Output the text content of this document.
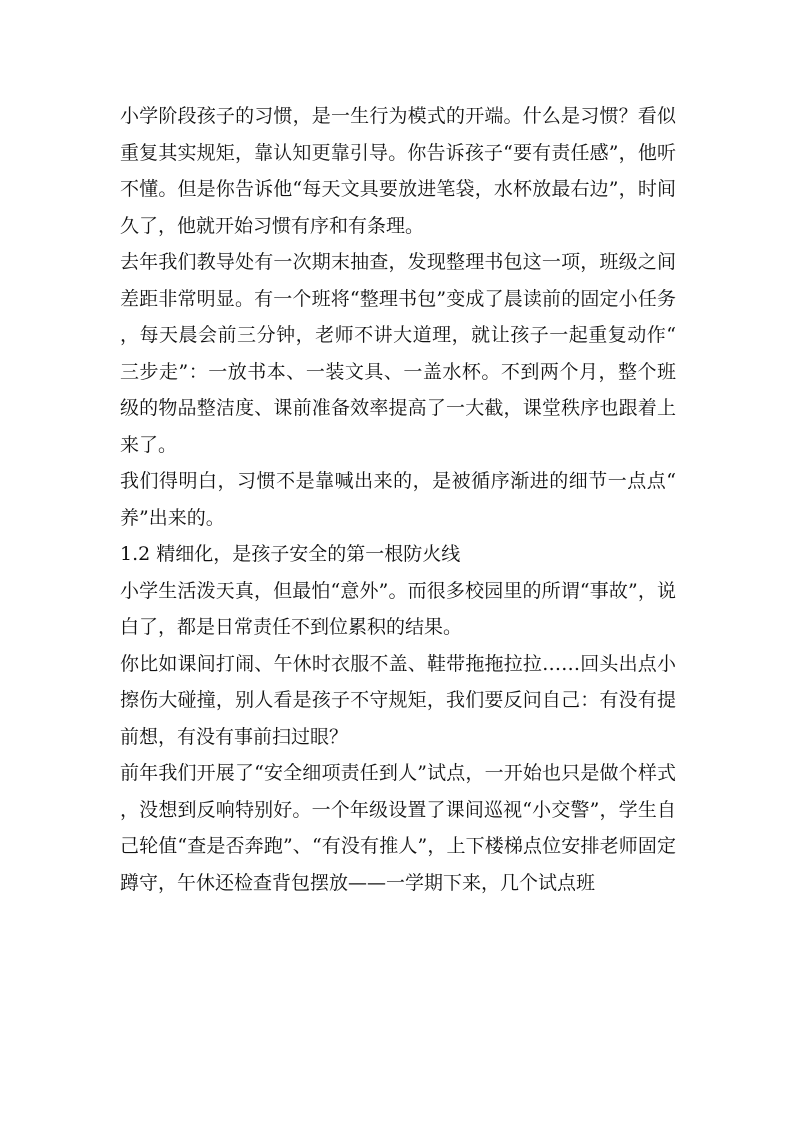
小学阶段孩子的习惯，是一生行为模式的开端。什么是习惯？看似重复其实规矩，靠认知更靠引导。你告诉孩子“要有责任感”，他听不懂。但是你告诉他“每天文具要放进笔袋，水杯放最右边”，时间久了，他就开始习惯有序和有条理。

去年我们教导处有一次期末抽查，发现整理书包这一项，班级之间差距非常明显。有一个班将“整理书包”变成了晨读前的固定小任务，每天晨会前三分钟，老师不讲大道理，就让孩子一起重复动作“三步走”：一放书本、一装文具、一盖水杯。不到两个月，整个班级的物品整洁度、课前准备效率提高了一大截，课堂秩序也跟着上来了。

我们得明白，习惯不是靠喊出来的，是被循序渐进的细节一点点“养”出来的。

1.2 精细化，是孩子安全的第一根防火线

小学生活泼天真，但最怕“意外”。而很多校园里的所谓“事故”，说白了，都是日常责任不到位累积的结果。

你比如课间打闹、午休时衣服不盖、鞋带拖拖拉拉……回头出点小擦伤大碰撞，别人看是孩子不守规矩，我们要反问自己：有没有提前想，有没有事前扫过眼？

前年我们开展了“安全细项责任到人”试点，一开始也只是做个样式，没想到反响特别好。一个年级设置了课间巡视“小交警”，学生自己轮值“查是否奔跑”、“有没有推人”，上下楼梯点位安排老师固定蹲守，午休还检查背包摆放——一学期下来，几个试点班
